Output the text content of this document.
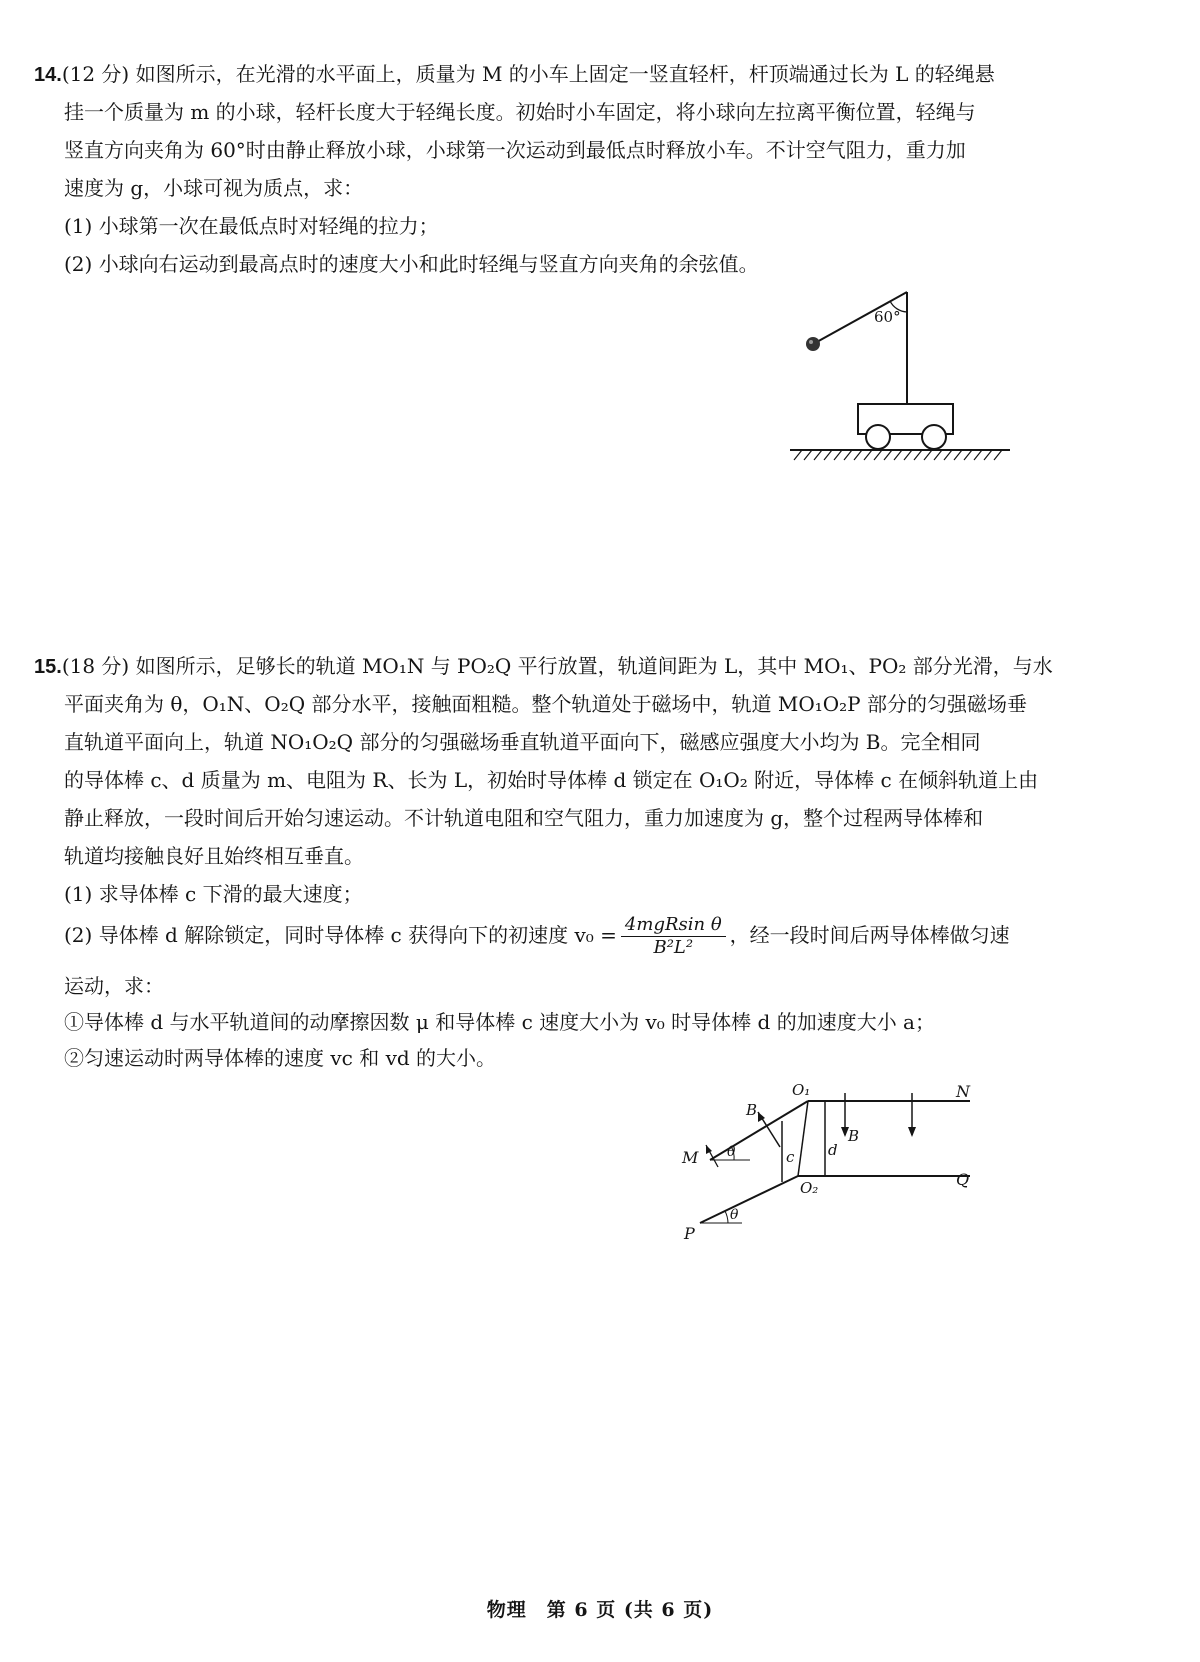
14.(12 分) 如图所示，在光滑的水平面上，质量为 M 的小车上固定一竖直轻杆，杆顶端通过长为 L 的轻绳悬

挂一个质量为 m 的小球，轻杆长度大于轻绳长度。初始时小车固定，将小球向左拉离平衡位置，轻绳与
竖直方向夹角为 60°时由静止释放小球，小球第一次运动到最低点时释放小车。不计空气阻力，重力加
速度为 g，小球可视为质点，求：
(1) 小球第一次在最低点时对轻绳的拉力；
(2) 小球向右运动到最高点时的速度大小和此时轻绳与竖直方向夹角的余弦值。
60°

15.(18 分) 如图所示，足够长的轨道 MO₁N 与 PO₂Q 平行放置，轨道间距为 L，其中 MO₁、PO₂ 部分光滑，与水

平面夹角为 θ，O₁N、O₂Q 部分水平，接触面粗糙。整个轨道处于磁场中，轨道 MO₁O₂P 部分的匀强磁场垂
直轨道平面向上，轨道 NO₁O₂Q 部分的匀强磁场垂直轨道平面向下，磁感应强度大小均为 B。完全相同
的导体棒 c、d 质量为 m、电阻为 R、长为 L，初始时导体棒 d 锁定在 O₁O₂ 附近，导体棒 c 在倾斜轨道上由
静止释放，一段时间后开始匀速运动。不计轨道电阻和空气阻力，重力加速度为 g，整个过程两导体棒和
轨道均接触良好且始终相互垂直。
(1) 求导体棒 c 下滑的最大速度；
(2) 导体棒 d 解除锁定，同时导体棒 c 获得向下的初速度 $v_0 = \frac{\text{4mgRsin θ}}{\text{B²L²}}$ ，经一段时间后两导体棒做匀速
运动，求：
①导体棒 d 与水平轨道间的动摩擦因数 μ 和导体棒 c 速度大小为 v₀ 时导体棒 d 的加速度大小 a；
②匀速运动时两导体棒的速度 vc 和 vd 的大小。
M
N
P
Q
O₁
O₂
B
B
c d
θ
θ
物理　第 6 页 (共 6 页)
